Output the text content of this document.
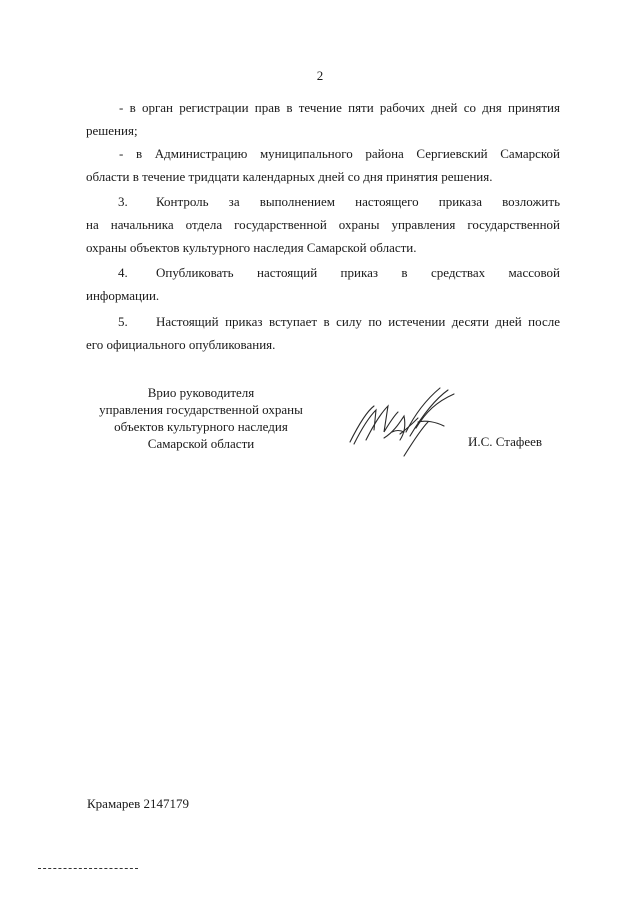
2
- в орган регистрации прав в течение пяти рабочих дней со дня принятия
решения;
- в Администрацию муниципального района Сергиевский Самарской
области в течение тридцати календарных дней со дня принятия решения.
3. Контроль за выполнением настоящего приказа возложить
на начальника отдела государственной охраны управления государственной
охраны объектов культурного наследия Самарской области.
4. Опубликовать настоящий приказ в средствах массовой
информации.
5. Настоящий приказ вступает в силу по истечении десяти дней после
его официального опубликования.
Врио руководителя
управления государственной охраны
объектов культурного наследия
Самарской области	И.С. Стафеев
Крамарев 2147179
